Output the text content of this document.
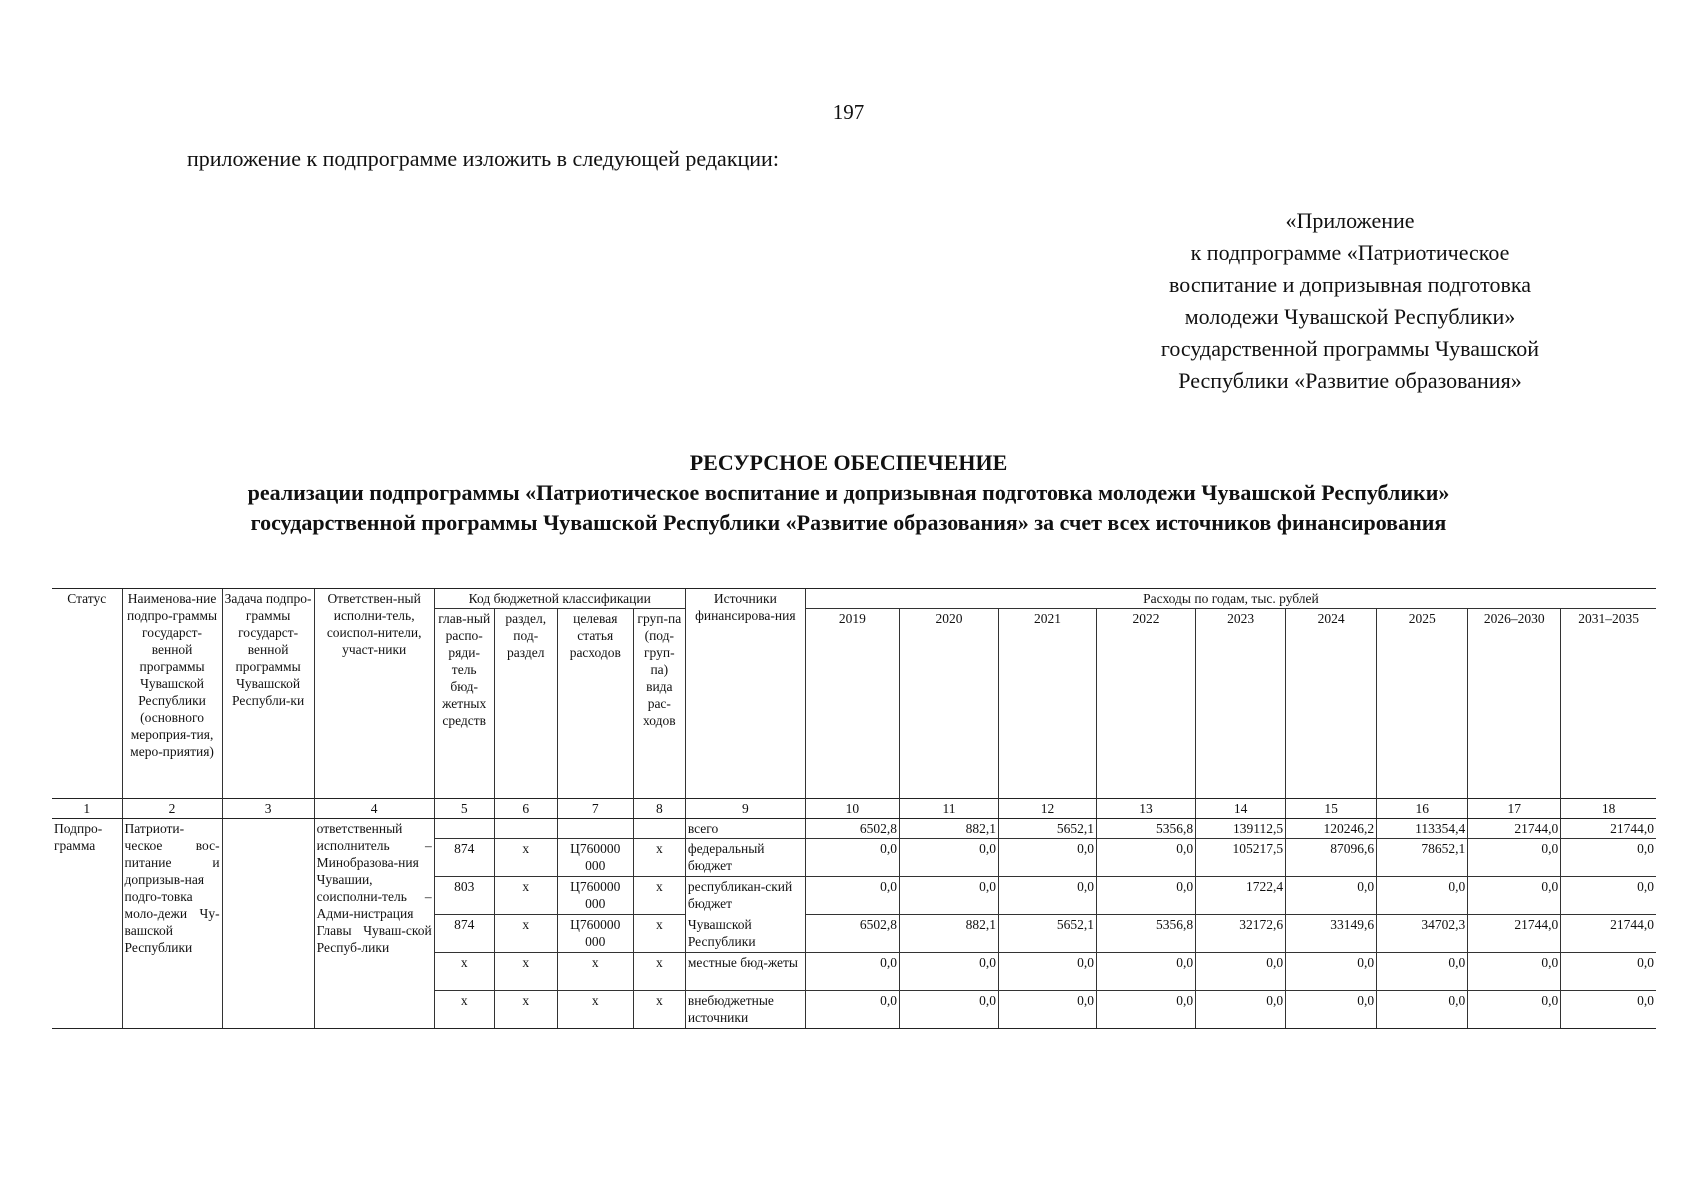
197
приложение к подпрограмме изложить в следующей редакции:
«Приложение
к подпрограмме «Патриотическое
воспитание и допризывная подготовка
молодежи Чувашской Республики»
государственной программы Чувашской
Республики «Развитие образования»
РЕСУРСНОЕ ОБЕСПЕЧЕНИЕ
реализации подпрограммы «Патриотическое воспитание и допризывная подготовка молодежи Чувашской Республики»
государственной программы Чувашской Республики «Развитие образования» за счет всех источников финансирования
Статус	Наименова-ние подпро-граммы государст-венной программы Чувашской Республики (основного мероприя-тия, меро-приятия)	Задача подпро-граммы государст-венной программы Чувашской Республи-ки	Ответствен-ный исполни-тель, соиспол-нители, участ-ники	Код бюджетной классификации				Источники финансирова-ния	Расходы по годам, тыс. рублей								
				глав-ный распо-ряди-тель бюд-жетных средств	раздел, под-раздел	целевая статья расходов	груп-па (под-груп-па) вида рас-ходов		2019	2020	2021	2022	2023	2024	2025	2026–2030	2031–2035
1	2	3	4	5	6	7	8	9	10	11	12	13	14	15	16	17	18
Подпро-грамма	Патриоти-ческое вос-питание и допризыв-ная подго-товка моло-дежи Чу-вашской Республики		ответственный исполнитель – Минобразова-ния Чувашии, соисполни-тель – Адми-нистрация Главы Чуваш-ской Респуб-лики					всего	6502,8	882,1	5652,1	5356,8	139112,5	120246,2	113354,4	21744,0	21744,0
				874	x	Ц760000 000	x	федеральный бюджет	0,0	0,0	0,0	0,0	105217,5	87096,6	78652,1	0,0	0,0
				803	x	Ц760000 000	x	республикан-ский бюджет	0,0	0,0	0,0	0,0	1722,4	0,0	0,0	0,0	0,0
				874	x	Ц760000 000	x	Чувашской Республики	6502,8	882,1	5652,1	5356,8	32172,6	33149,6	34702,3	21744,0	21744,0
				x	x	x	x	местные бюд-жеты	0,0	0,0	0,0	0,0	0,0	0,0	0,0	0,0	0,0
				x	x	x	x	внебюджетные источники	0,0	0,0	0,0	0,0	0,0	0,0	0,0	0,0	0,0
